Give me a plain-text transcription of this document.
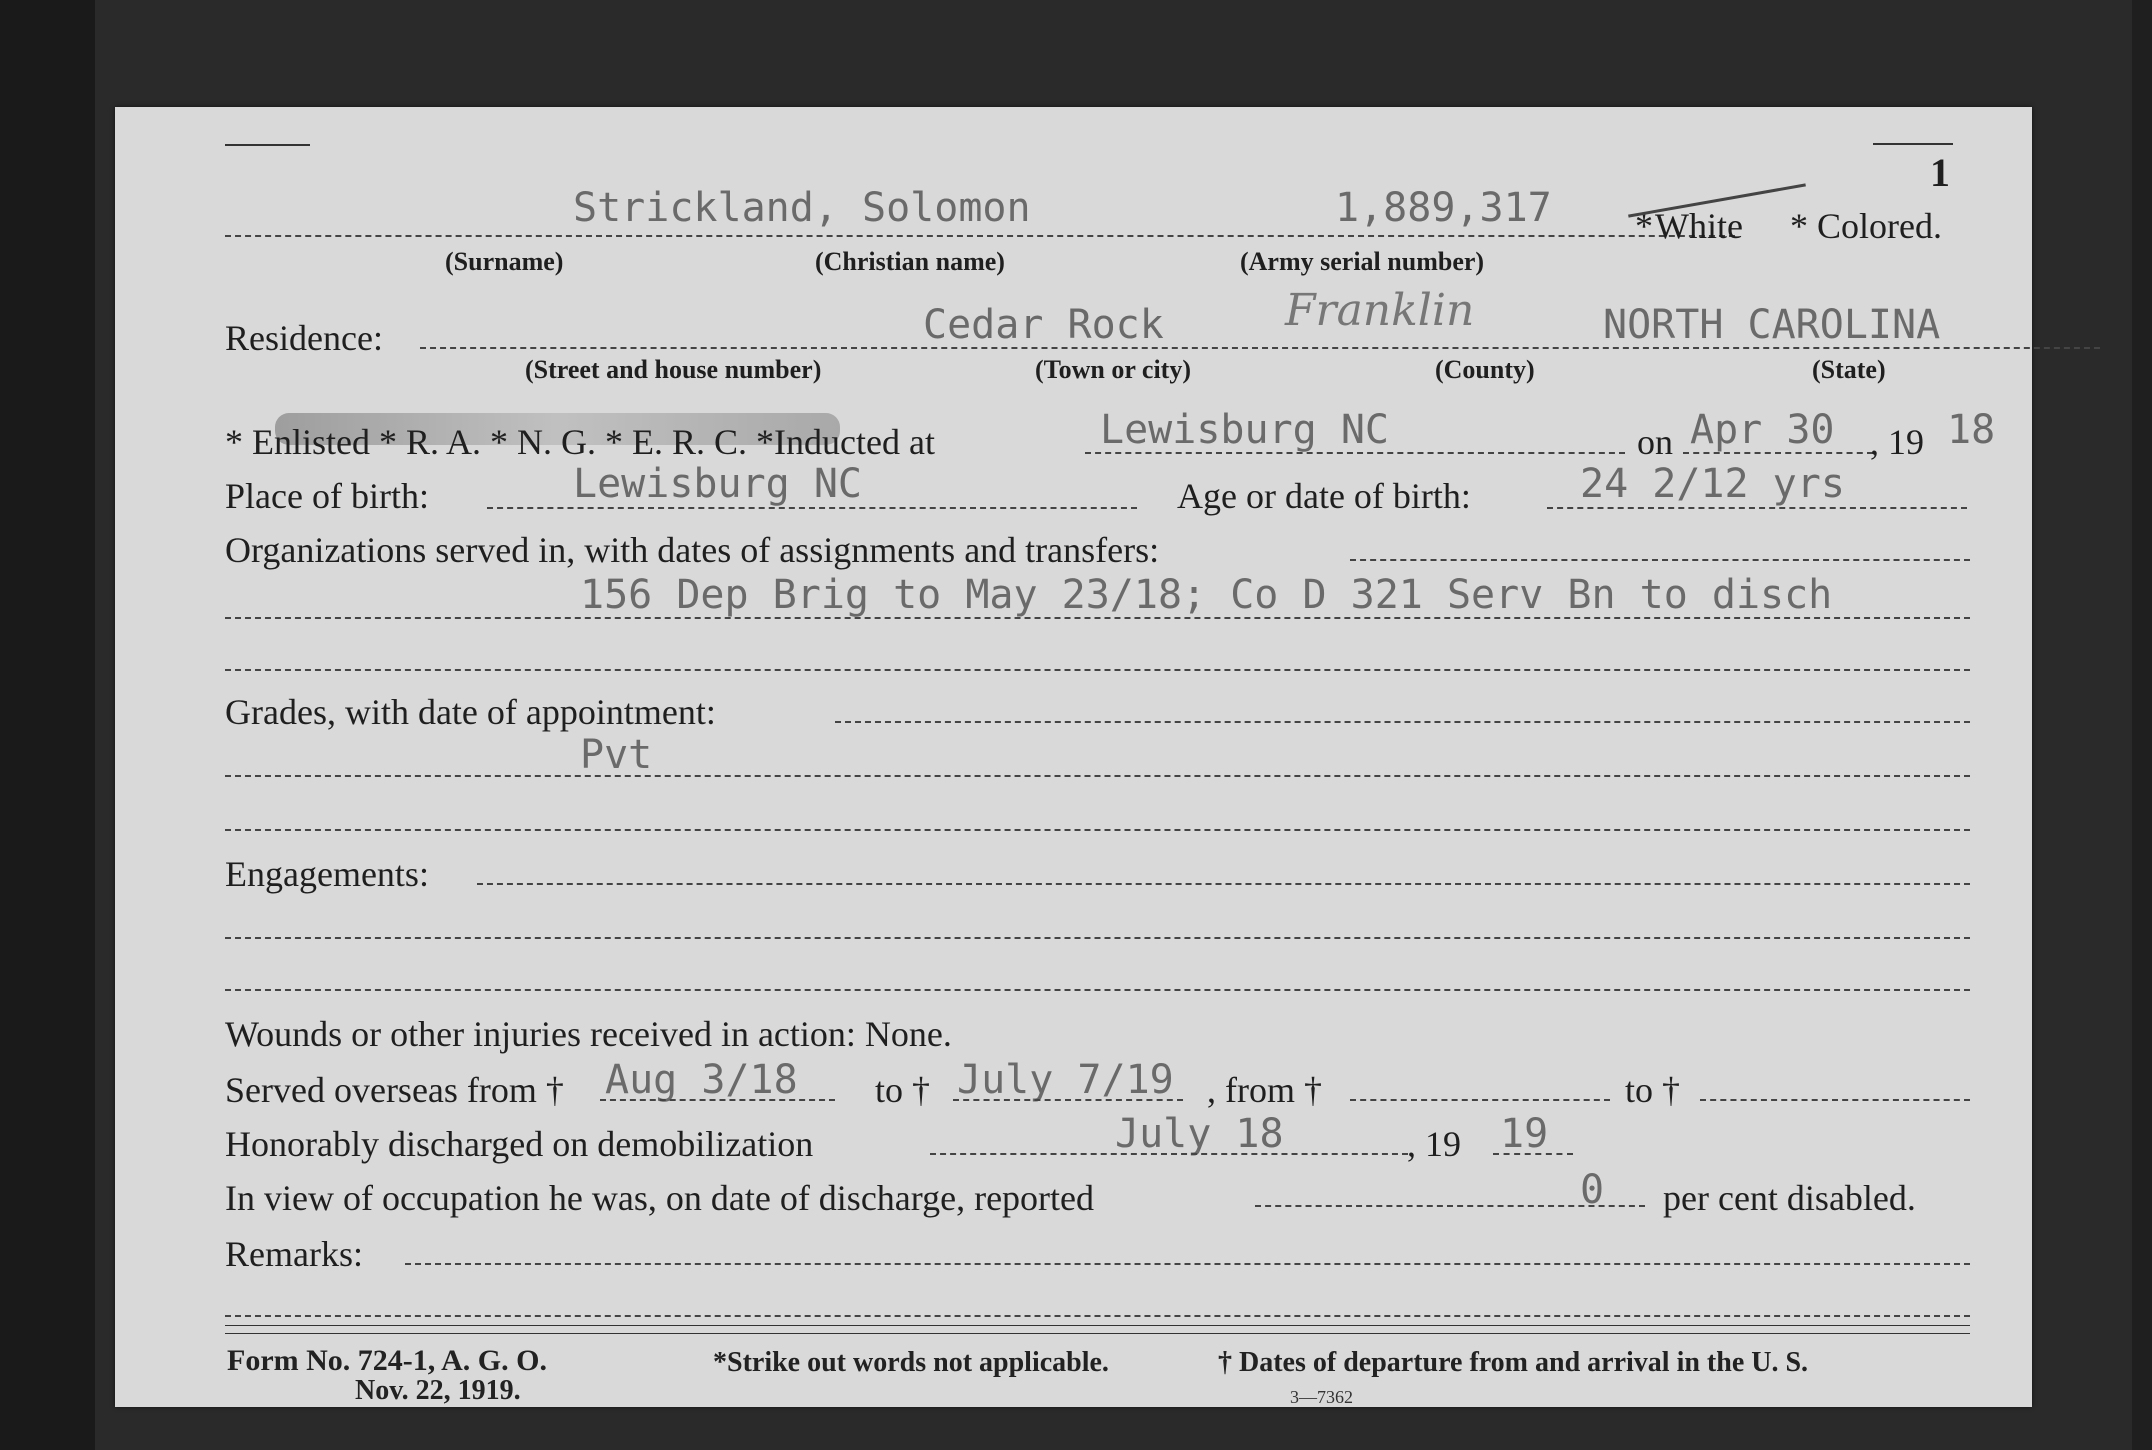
1
Strickland, Solomon	1,889,317 * White * Colored.
(Surname)	(Christian name)	(Army serial number)
Residence:	Cedar Rock	Franklin	NORTH CAROLINA
(Street and house number)	(Town or city)	(County)	(State)
* Enlisted * R. A. * N. G. * E. R. C. *Inducted at	Lewisburg NC	on Apr 30 , 19 18
Place of birth:	Lewisburg NC	Age or date of birth:	24 2/12 yrs
Organizations served in, with dates of assignments and transfers:
156 Dep Brig to May 23/18; Co D 321 Serv Bn to disch
Grades, with date of appointment:
Pvt
Engagements:
Wounds or other injuries received in action: None.
Served overseas from † Aug 3/18 to † July 7/19 , from †	to †
Honorably discharged on demobilization	July 18	, 19 19
In view of occupation he was, on date of discharge, reported	0 per cent disabled.
Remarks:
Form No. 724-1, A. G. O.
Nov. 22, 1919.
*Strike out words not applicable.	† Dates of departure from and arrival in the U. S.
3—7362
